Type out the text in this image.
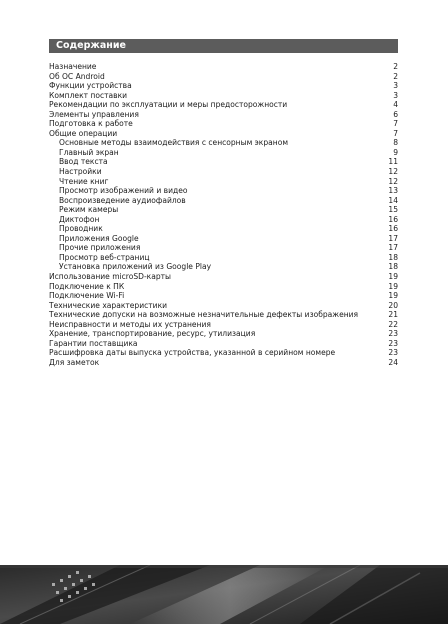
Содержание
Назначение	2
Об ОС Android	2
Функции устройства	3
Комплект поставки	3
Рекомендации по эксплуатации и меры предосторожности	4
Элементы управления	6
Подготовка к работе	7
Общие операции	7
Основные методы взаимодействия с сенсорным экраном	8
Главный экран	9
Ввод текста	11
Настройки	12
Чтение книг	12
Просмотр изображений и видео	13
Воспроизведение аудиофайлов	14
Режим камеры	15
Диктофон	16
Проводник	16
Приложения Google	17
Прочие приложения	17
Просмотр веб-страниц	18
Установка приложений из Google Play	18
Использование microSD-карты	19
Подключение к ПК	19
Подключение Wi-Fi	19
Технические характеристики	20
Технические допуски на возможные незначительные дефекты изображения	21
Неисправности и методы их устранения	22
Хранение, транспортирование, ресурс, утилизация	23
Гарантии поставщика	23
Расшифровка даты выпуска устройства, указанной в серийном номере	23
Для заметок	24
